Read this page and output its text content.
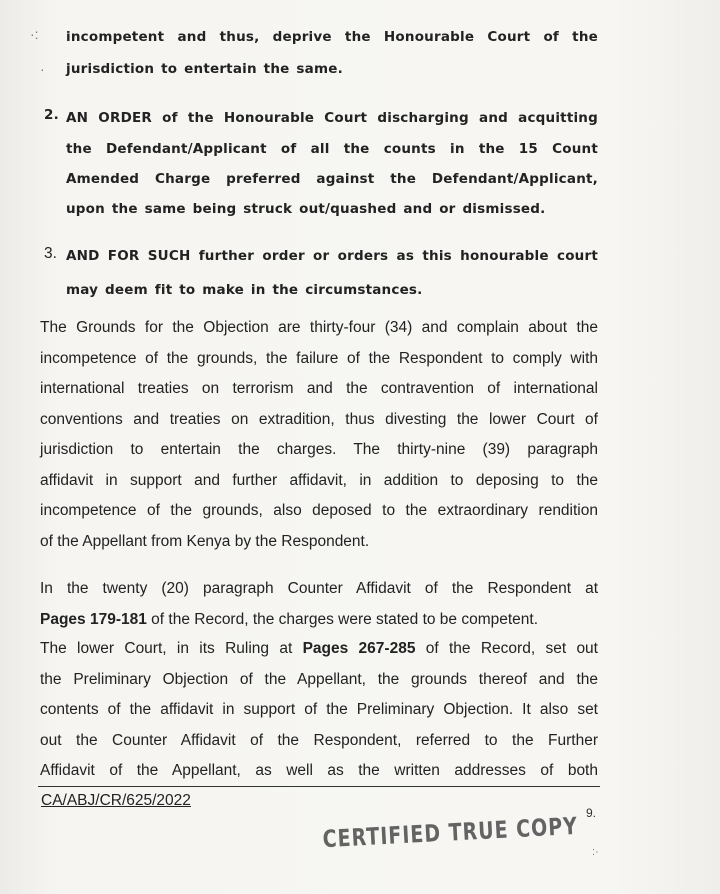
·:
·
incompetent and thus, deprive the Honourable Court of the
jurisdiction to entertain the same.
2. AN ORDER of the Honourable Court discharging and acquitting
the Defendant/Applicant of all the counts in the 15 Count
Amended Charge preferred against the Defendant/Applicant,
upon the same being struck out/quashed and or dismissed.
3. AND FOR SUCH further order or orders as this honourable court
may deem fit to make in the circumstances.
The Grounds for the Objection are thirty-four (34) and complain about the
incompetence of the grounds, the failure of the Respondent to comply with
international treaties on terrorism and the contravention of international
conventions and treaties on extradition, thus divesting the lower Court of
jurisdiction to entertain the charges. The thirty-nine (39) paragraph
affidavit in support and further affidavit, in addition to deposing to the
incompetence of the grounds, also deposed to the extraordinary rendition
of the Appellant from Kenya by the Respondent.
In the twenty (20) paragraph Counter Affidavit of the Respondent at
Pages 179-181 of the Record, the charges were stated to be competent.
The lower Court, in its Ruling at Pages 267-285 of the Record, set out
the Preliminary Objection of the Appellant, the grounds thereof and the
contents of the affidavit in support of the Preliminary Objection. It also set
out the Counter Affidavit of the Respondent, referred to the Further
Affidavit of the Appellant, as well as the written addresses of both
CA/ABJ/CR/625/2022
9.
CERTIFIED TRUE COPY :·
